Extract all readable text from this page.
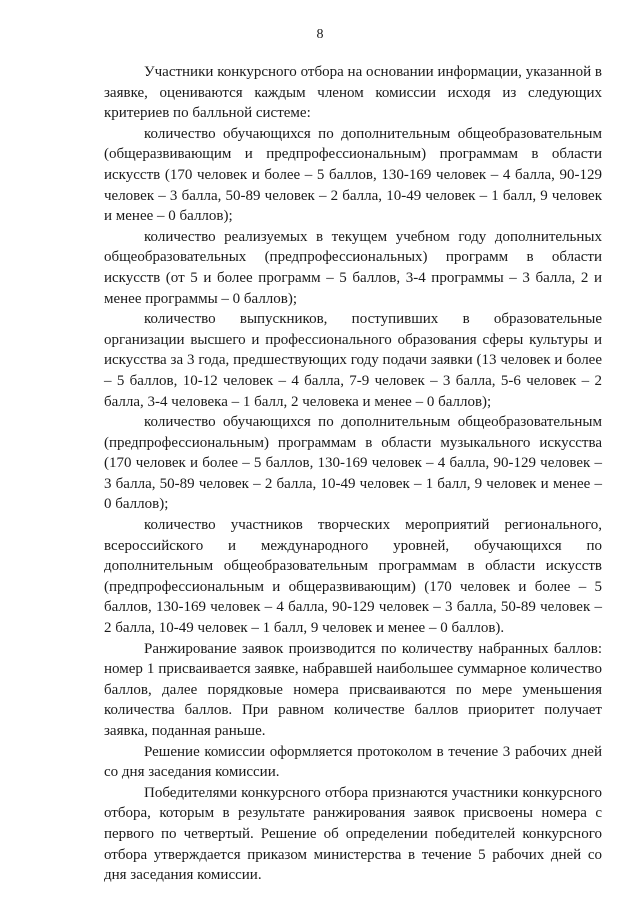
8

Участники конкурсного отбора на основании информации, указанной в заявке, оцениваются каждым членом комиссии исходя из следующих критериев по балльной системе:

количество обучающихся по дополнительным общеобразовательным (общеразвивающим и предпрофессиональным) программам в области искусств (170 человек и более – 5 баллов, 130-169 человек – 4 балла, 90-129 человек – 3 балла, 50-89 человек – 2 балла, 10-49 человек – 1 балл, 9 человек и менее – 0 баллов);

количество реализуемых в текущем учебном году дополнительных общеобразовательных (предпрофессиональных) программ в области искусств (от 5 и более программ – 5 баллов, 3-4 программы – 3 балла, 2 и менее программы – 0 баллов);

количество выпускников, поступивших в образовательные организации высшего и профессионального образования сферы культуры и искусства за 3 года, предшествующих году подачи заявки (13 человек и более – 5 баллов, 10-12 человек – 4 балла, 7-9 человек – 3 балла, 5-6 человек – 2 балла, 3-4 человека – 1 балл, 2 человека и менее – 0 баллов);

количество обучающихся по дополнительным общеобразовательным (предпрофессиональным) программам в области музыкального искусства (170 человек и более – 5 баллов, 130-169 человек – 4 балла, 90-129 человек – 3 балла, 50-89 человек – 2 балла, 10-49 человек – 1 балл, 9 человек и менее – 0 баллов);

количество участников творческих мероприятий регионального, всероссийского и международного уровней, обучающихся по дополнительным общеобразовательным программам в области искусств (предпрофессиональным и общеразвивающим) (170 человек и более – 5 баллов, 130-169 человек – 4 балла, 90-129 человек – 3 балла, 50-89 человек – 2 балла, 10-49 человек – 1 балл, 9 человек и менее – 0 баллов).

Ранжирование заявок производится по количеству набранных баллов: номер 1 присваивается заявке, набравшей наибольшее суммарное количество баллов, далее порядковые номера присваиваются по мере уменьшения количества баллов. При равном количестве баллов приоритет получает заявка, поданная раньше.

Решение комиссии оформляется протоколом в течение 3 рабочих дней со дня заседания комиссии.

Победителями конкурсного отбора признаются участники конкурсного отбора, которым в результате ранжирования заявок присвоены номера с первого по четвертый. Решение об определении победителей конкурсного отбора утверждается приказом министерства в течение 5 рабочих дней со дня заседания комиссии.
